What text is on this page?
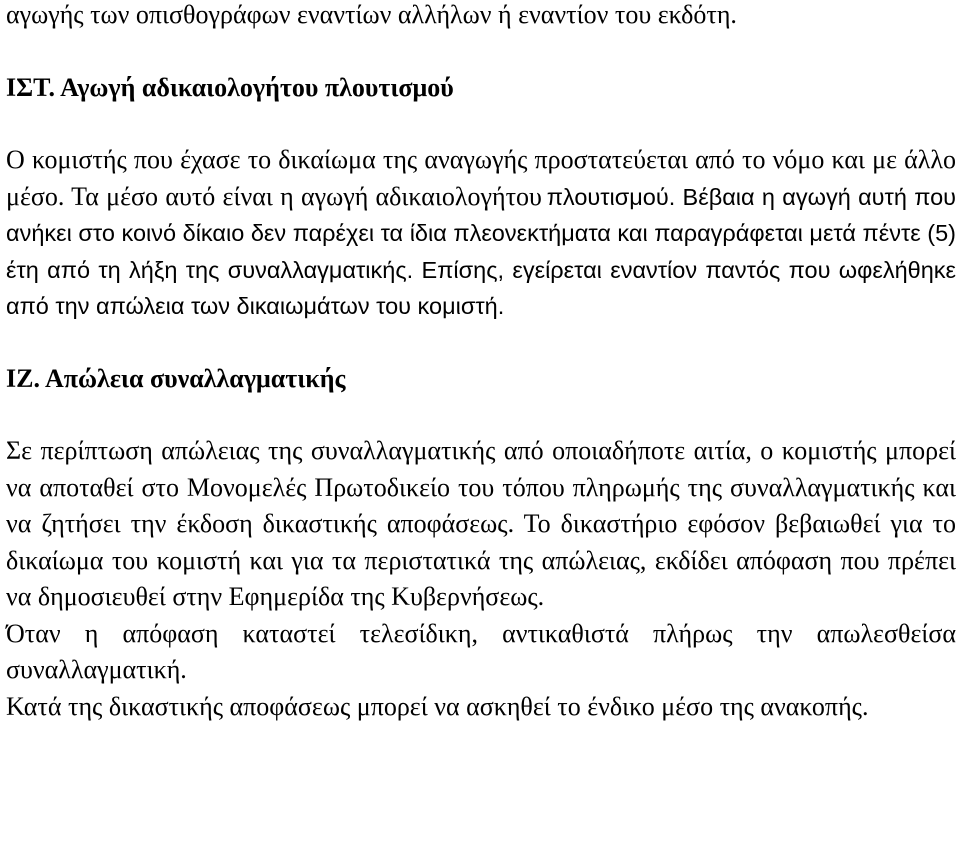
αγωγής των οπισθογράφων εναντίων αλλήλων ή εναντίον του εκδότη.

ΙΣΤ. Αγωγή αδικαιολογήτου πλουτισμού
Ο κομιστής που έχασε το δικαίωμα της αναγωγής προστατεύεται από το νόμο και με άλλο μέσο. Τα μέσο αυτό είναι η αγωγή αδικαιολογήτου πλουτισμού. Βέβαια η αγωγή αυτή που ανήκει στο κοινό δίκαιο δεν παρέχει τα ίδια πλεονεκτήματα και παραγράφεται μετά πέντε (5) έτη από τη λήξη της συναλλαγματικής. Επίσης, εγείρεται εναντίον παντός που ωφελήθηκε από την απώλεια των δικαιωμάτων του κομιστή.
ΙΖ. Απώλεια συναλλαγματικής

Σε περίπτωση απώλειας της συναλλαγματικής από οποιαδήποτε αιτία, ο κομιστής μπορεί να αποταθεί στο Μονομελές Πρωτοδικείο του τόπου πληρωμής της συναλλαγματικής και να ζητήσει την έκδοση δικαστικής αποφάσεως. Το δικαστήριο εφόσον βεβαιωθεί για το δικαίωμα του κομιστή και για τα περιστατικά της απώλειας, εκδίδει απόφαση που πρέπει να δημοσιευθεί στην Εφημερίδα της Κυβερνήσεως.

Όταν η απόφαση καταστεί τελεσίδικη, αντικαθιστά πλήρως την απωλεσθείσα συναλλαγματική.

Κατά της δικαστικής αποφάσεως μπορεί να ασκηθεί το ένδικο μέσο της ανακοπής.
